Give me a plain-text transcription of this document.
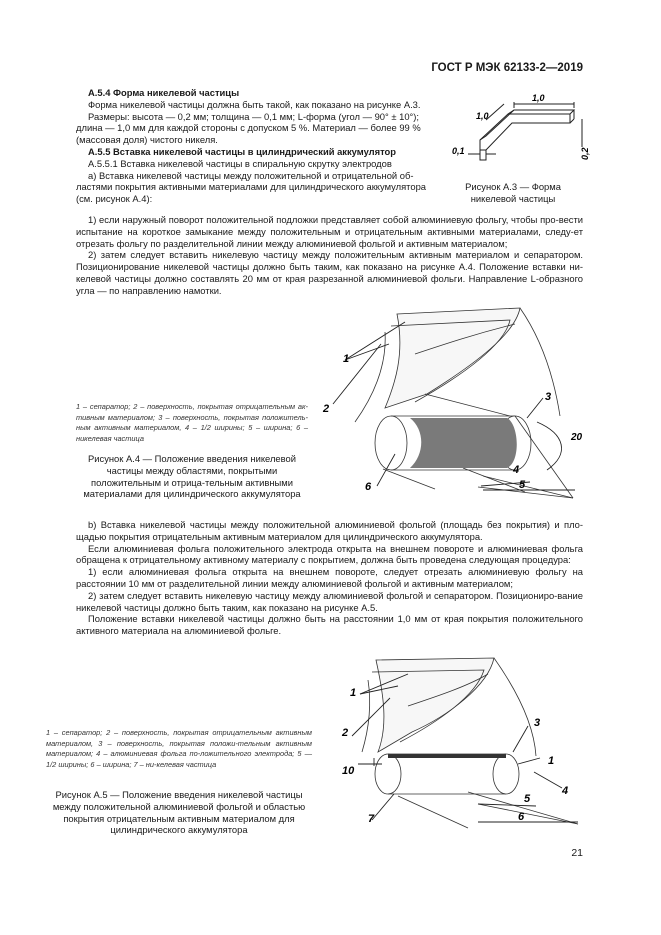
ГОСТ Р МЭК 62133-2—2019

А.5.4 Форма никелевой частицы

Форма никелевой частицы должна быть такой, как показано на рисунке А.3.

Размеры: высота — 0,2 мм; толщина — 0,1 мм; L-форма (угол — 90° ± 10°);

длина — 1,0 мм для каждой стороны с допуском 5 %. Материал — более 99 %

(массовая доля) чистого никеля.

А.5.5 Вставка никелевой частицы в цилиндрический аккумулятор

А.5.5.1 Вставка никелевой частицы в спиральную скрутку электродов

a) Вставка никелевой частицы между положительной и отрицательной об-

ластями покрытия активными материалами для цилиндрического аккумулятора

(см. рисунок А.4):

1,0
1,0
0,1	0,2
Рисунок А.3 — Форма
никелевой частицы

1) если наружный поворот положительной подложки представляет собой алюминиевую фольгу, чтобы про-вести испытание на короткое замыкание между положительным и отрицательным активными материалами, следу-ет отрезать фольгу по разделительной линии между алюминиевой фольгой и активным материалом;

2) затем следует вставить никелевую частицу между положительным активным материалом и сепаратором. Позиционирование никелевой частицы должно быть таким, как показано на рисунке А.4. Положение вставки ни-келевой частицы должно составлять 20 мм от края разрезанной алюминиевой фольги. Направление L-образного угла — по направлению намотки.

1 – сепаратор; 2 – поверхность, покрытая отрицательным ак-тивным материалом; 3 – поверхность, покрытая положитель-ным активным материалом, 4 – 1/2 ширины; 5 – ширина; 6 – никелевая частица
Рисунок А.4 — Положение введения никелевой частицы между областями, покрытыми положительным и отрица-тельным активными материалами для цилиндрического аккумулятора
1
2
3
4
5
6
20

b) Вставка никелевой частицы между положительной алюминиевой фольгой (площадь без покрытия) и пло-щадью покрытия отрицательным активным материалом для цилиндрического аккумулятора.

Если алюминиевая фольга положительного электрода открыта на внешнем повороте и алюминиевая фольга обращена к отрицательному активному материалу с покрытием, должна быть проведена следующая процедура:

1) если алюминиевая фольга открыта на внешнем повороте, следует отрезать алюминиевую фольгу на расстоянии 10 мм от разделительной линии между алюминиевой фольгой и активным материалом;

2) затем следует вставить никелевую частицу между алюминиевой фольгой и сепаратором. Позициониро-вание никелевой частицы должно быть таким, как показано на рисунке А.5.

Положение вставки никелевой частицы должно быть на расстоянии 1,0 мм от края покрытия положительного активного материала на алюминиевой фольге.

1 – сепаратор; 2 – поверхность, покрытая отрицательным активным материалом, 3 – поверхность, покрытая положи-тельным активным материалом; 4 – алюминиевая фольга по-ложительного электрода; 5 — 1/2 ширины; 6 – ширина; 7 – ни-келевая частица
Рисунок А.5 — Положение введения никелевой частицы между положительной алюминиевой фольгой и областью покрытия отрицательным активным материалом для цилиндрического аккумулятора
1
2
3
4
5
6
7
10
1
21
